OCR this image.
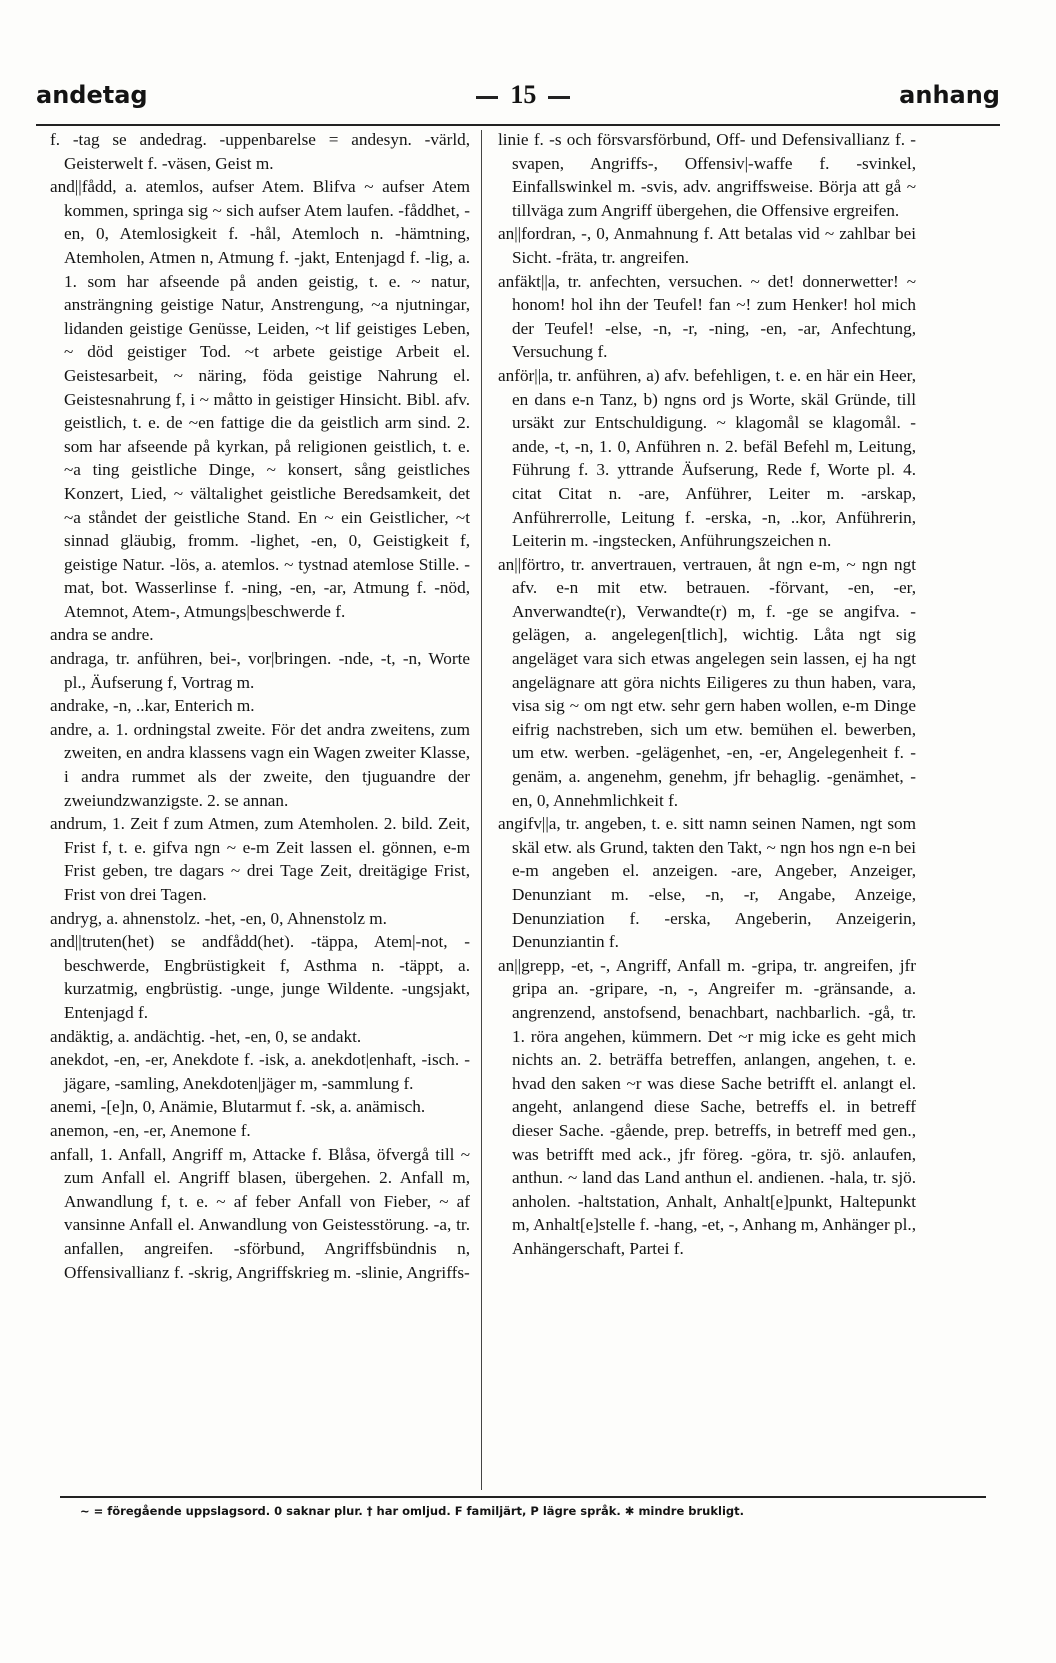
andetag	15	anhang

f. -tag se andedrag. -uppenbarelse = andesyn. -värld, Geisterwelt f. -väsen, Geist m.

and||fådd, a. atemlos, aufser Atem. Blifva ~ aufser Atem kommen, springa sig ~ sich aufser Atem laufen. -fåddhet, -en, 0, Atemlosigkeit f. -hål, Atemloch n. -hämtning, Atemholen, Atmen n, Atmung f. -jakt, Entenjagd f. -lig, a. 1. som har afseende på anden geistig, t. e. ~ natur, ansträngning geistige Natur, Anstrengung, ~a njutningar, lidanden geistige Genüsse, Leiden, ~t lif geistiges Leben, ~ död geistiger Tod. ~t arbete geistige Arbeit el. Geistesarbeit, ~ näring, föda geistige Nahrung el. Geistesnahrung f, i ~ måtto in geistiger Hinsicht. Bibl. afv. geistlich, t. e. de ~en fattige die da geistlich arm sind. 2. som har afseende på kyrkan, på religionen geistlich, t. e. ~a ting geistliche Dinge, ~ konsert, sång geistliches Konzert, Lied, ~ vältalighet geistliche Beredsamkeit, det ~a ståndet der geistliche Stand. En ~ ein Geistlicher, ~t sinnad gläubig, fromm. -lighet, -en, 0, Geistigkeit f, geistige Natur. -lös, a. atemlos. ~ tystnad atemlose Stille. -mat, bot. Wasserlinse f. -ning, -en, -ar, Atmung f. -nöd, Atemnot, Atem-, Atmungs|beschwerde f.

andra se andre.

andraga, tr. anführen, bei-, vor|bringen. -nde, -t, -n, Worte pl., Äufserung f, Vortrag m.

andrake, -n, ..kar, Enterich m.

andre, a. 1. ordningstal zweite. För det andra zweitens, zum zweiten, en andra klassens vagn ein Wagen zweiter Klasse, i andra rummet als der zweite, den tjuguandre der zweiundzwanzigste. 2. se annan.

andrum, 1. Zeit f zum Atmen, zum Atemholen. 2. bild. Zeit, Frist f, t. e. gifva ngn ~ e-m Zeit lassen el. gönnen, e-m Frist geben, tre dagars ~ drei Tage Zeit, dreitägige Frist, Frist von drei Tagen.

andryg, a. ahnenstolz. -het, -en, 0, Ahnenstolz m.

and||truten(het) se andfådd(het). -täppa, Atem|-not, -beschwerde, Engbrüstigkeit f, Asthma n. -täppt, a. kurzatmig, engbrüstig. -unge, junge Wildente. -ungsjakt, Entenjagd f.

andäktig, a. andächtig. -het, -en, 0, se andakt.

anekdot, -en, -er, Anekdote f. -isk, a. anekdot|enhaft, -isch. -jägare, -samling, Anekdoten|jäger m, -sammlung f.

anemi, -[e]n, 0, Anämie, Blutarmut f. -sk, a. anämisch.

anemon, -en, -er, Anemone f.

anfall, 1. Anfall, Angriff m, Attacke f. Blåsa, öfvergå till ~ zum Anfall el. Angriff blasen, übergehen. 2. Anfall m, Anwandlung f, t. e. ~ af feber Anfall von Fieber, ~ af vansinne Anfall el. Anwandlung von Geistesstörung. -a, tr. anfallen, angreifen. -sförbund, Angriffsbündnis n, Offensivallianz f. -skrig, Angriffskrieg m. -slinie, Angriffs-

linie f. -s och försvarsförbund, Off- und Defensivallianz f. -svapen, Angriffs-, Offensiv|-waffe f. -svinkel, Einfallswinkel m. -svis, adv. angriffsweise. Börja att gå ~ tillväga zum Angriff übergehen, die Offensive ergreifen.

an||fordran, -, 0, Anmahnung f. Att betalas vid ~ zahlbar bei Sicht. -fräta, tr. angreifen.

anfäkt||a, tr. anfechten, versuchen. ~ det! donnerwetter! ~ honom! hol ihn der Teufel! fan ~! zum Henker! hol mich der Teufel! -else, -n, -r, -ning, -en, -ar, Anfechtung, Versuchung f.

anför||a, tr. anführen, a) afv. befehligen, t. e. en här ein Heer, en dans e-n Tanz, b) ngns ord js Worte, skäl Gründe, till ursäkt zur Entschuldigung. ~ klagomål se klagomål. -ande, -t, -n, 1. 0, Anführen n. 2. befäl Befehl m, Leitung, Führung f. 3. yttrande Äufserung, Rede f, Worte pl. 4. citat Citat n. -are, Anführer, Leiter m. -arskap, Anführerrolle, Leitung f. -erska, -n, ..kor, Anführerin, Leiterin m. -ingstecken, Anführungszeichen n.

an||förtro, tr. anvertrauen, vertrauen, åt ngn e-m, ~ ngn ngt afv. e-n mit etw. betrauen. -förvant, -en, -er, Anverwandte(r), Verwandte(r) m, f. -ge se angifva. -gelägen, a. angelegen[tlich], wichtig. Låta ngt sig angeläget vara sich etwas angelegen sein lassen, ej ha ngt angelägnare att göra nichts Eiligeres zu thun haben, vara, visa sig ~ om ngt etw. sehr gern haben wollen, e-m Dinge eifrig nachstreben, sich um etw. bemühen el. bewerben, um etw. werben. -gelägenhet, -en, -er, Angelegenheit f. -genäm, a. angenehm, genehm, jfr behaglig. -genämhet, -en, 0, Annehmlichkeit f.

angifv||a, tr. angeben, t. e. sitt namn seinen Namen, ngt som skäl etw. als Grund, takten den Takt, ~ ngn hos ngn e-n bei e-m angeben el. anzeigen. -are, Angeber, Anzeiger, Denunziant m. -else, -n, -r, Angabe, Anzeige, Denunziation f. -erska, Angeberin, Anzeigerin, Denunziantin f.

an||grepp, -et, -, Angriff, Anfall m. -gripa, tr. angreifen, jfr gripa an. -gripare, -n, -, Angreifer m. -gränsande, a. angrenzend, anstofsend, benachbart, nachbarlich. -gå, tr. 1. röra angehen, kümmern. Det ~r mig icke es geht mich nichts an. 2. beträffa betreffen, anlangen, angehen, t. e. hvad den saken ~r was diese Sache betrifft el. anlangt el. angeht, anlangend diese Sache, betreffs el. in betreff dieser Sache. -gående, prep. betreffs, in betreff med gen., was betrifft med ack., jfr föreg. -göra, tr. sjö. anlaufen, anthun. ~ land das Land anthun el. andienen. -hala, tr. sjö. anholen. -haltstation, Anhalt, Anhalt[e]punkt, Haltepunkt m, Anhalt[e]stelle f. -hang, -et, -, Anhang m, Anhänger pl., Anhängerschaft, Partei f.

~ = föregående uppslagsord. 0 saknar plur. † har omljud. F familjärt, P lägre språk. ✱ mindre brukligt.
